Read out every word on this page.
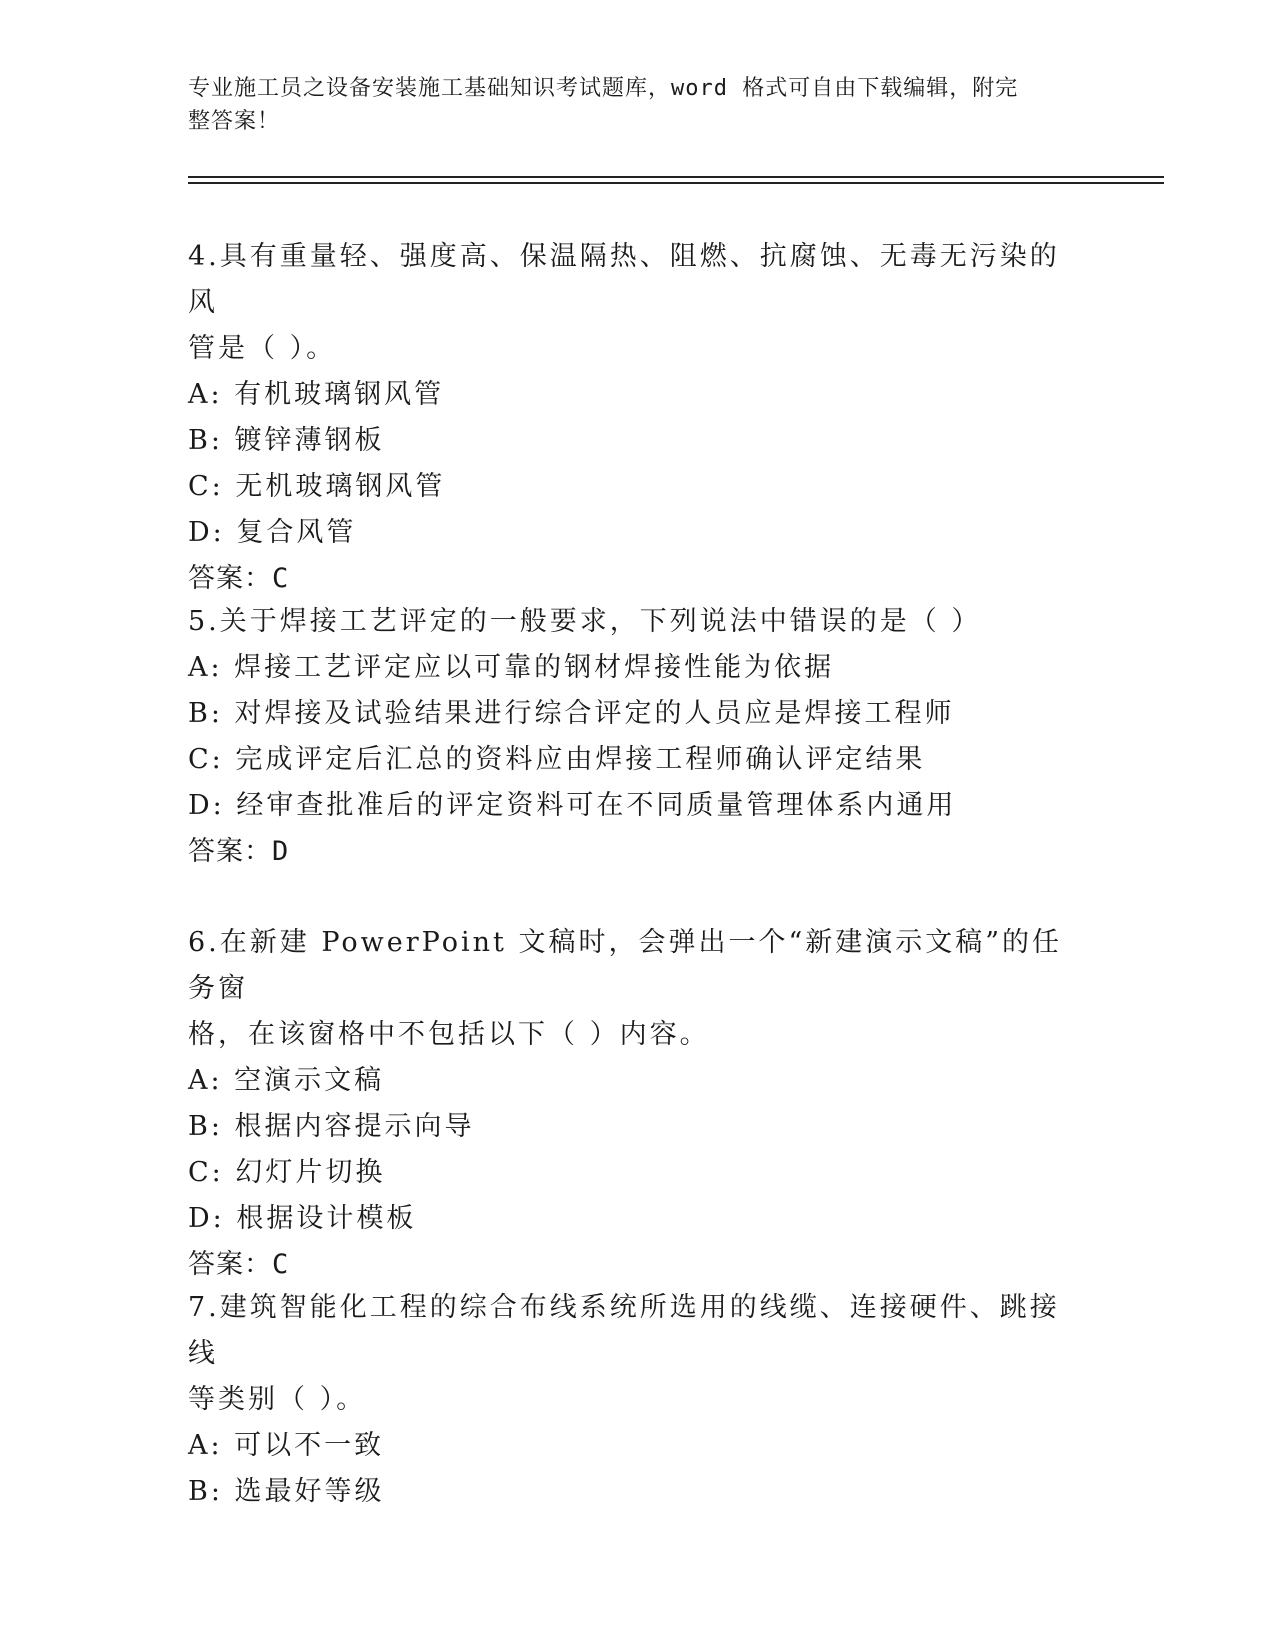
专业施工员之设备安装施工基础知识考试题库，word 格式可自由下载编辑，附完
整答案！
4.具有重量轻、强度高、保温隔热、阻燃、抗腐蚀、无毒无污染的风
管是（ ）。
A: 有机玻璃钢风管
B: 镀锌薄钢板
C: 无机玻璃钢风管
D: 复合风管
答案：C
5.关于焊接工艺评定的一般要求，下列说法中错误的是（ ）
A: 焊接工艺评定应以可靠的钢材焊接性能为依据
B: 对焊接及试验结果进行综合评定的人员应是焊接工程师
C: 完成评定后汇总的资料应由焊接工程师确认评定结果
D: 经审查批准后的评定资料可在不同质量管理体系内通用
答案：D
6.在新建 PowerPoint 文稿时，会弹出一个“新建演示文稿”的任务窗
格，在该窗格中不包括以下（ ）内容。
A: 空演示文稿
B: 根据内容提示向导
C: 幻灯片切换
D: 根据设计模板
答案：C
7.建筑智能化工程的综合布线系统所选用的线缆、连接硬件、跳接线
等类别（ ）。
A: 可以不一致
B: 选最好等级
